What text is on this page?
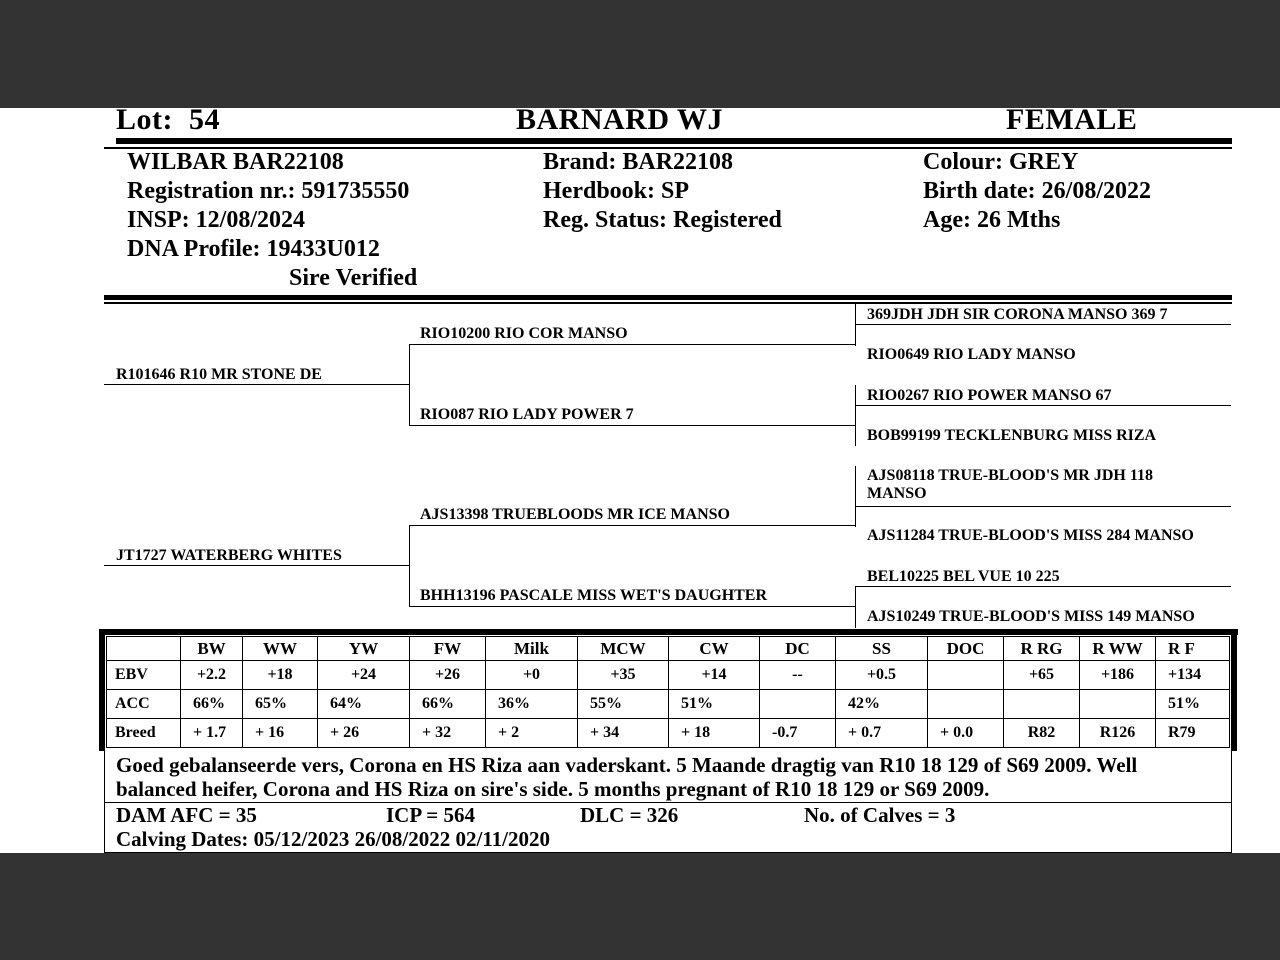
Lot: 54	BARNARD WJ	FEMALE
WILBAR BAR22108
Registration nr.: 591735550
INSP: 12/08/2024
DNA Profile: 19433U012
Sire Verified
Brand: BAR22108
Herdbook: SP
Reg. Status: Registered
Colour: GREY
Birth date: 26/08/2022
Age: 26 Mths
R101646 R10 MR STONE DE
JT1727 WATERBERG WHITES
RIO10200 RIO COR MANSO
RIO087 RIO LADY POWER 7
AJS13398 TRUEBLOODS MR ICE MANSO
BHH13196 PASCALE MISS WET'S DAUGHTER
369JDH JDH SIR CORONA MANSO 369 7
RIO0649 RIO LADY MANSO
RIO0267 RIO POWER MANSO 67
BOB99199 TECKLENBURG MISS RIZA
AJS08118 TRUE-BLOOD'S MR JDH 118 MANSO
AJS11284 TRUE-BLOOD'S MISS 284 MANSO
BEL10225 BEL VUE 10 225
AJS10249 TRUE-BLOOD'S MISS 149 MANSO
	BW	WW	YW	FW	Milk	MCW	CW	DC	SS	DOC	R RG	R WW	R F
EBV	+2.2	+18	+24	+26	+0	+35	+14	--	+0.5		+65	+186	+134
ACC	66%	65%	64%	66%	36%	55%	51%		42%				51%
Breed	+ 1.7	+ 16	+ 26	+ 32	+ 2	+ 34	+ 18	-0.7	+ 0.7	+ 0.0	R82	R126	R79
Goed gebalanseerde vers, Corona en HS Riza aan vaderskant. 5 Maande dragtig van R10 18 129 of S69 2009. Well balanced heifer, Corona and HS Riza on sire's side. 5 months pregnant of R10 18 129 or S69 2009.
DAM AFC = 35	ICP = 564	DLC = 326	No. of Calves = 3
Calving Dates: 05/12/2023 26/08/2022 02/11/2020
